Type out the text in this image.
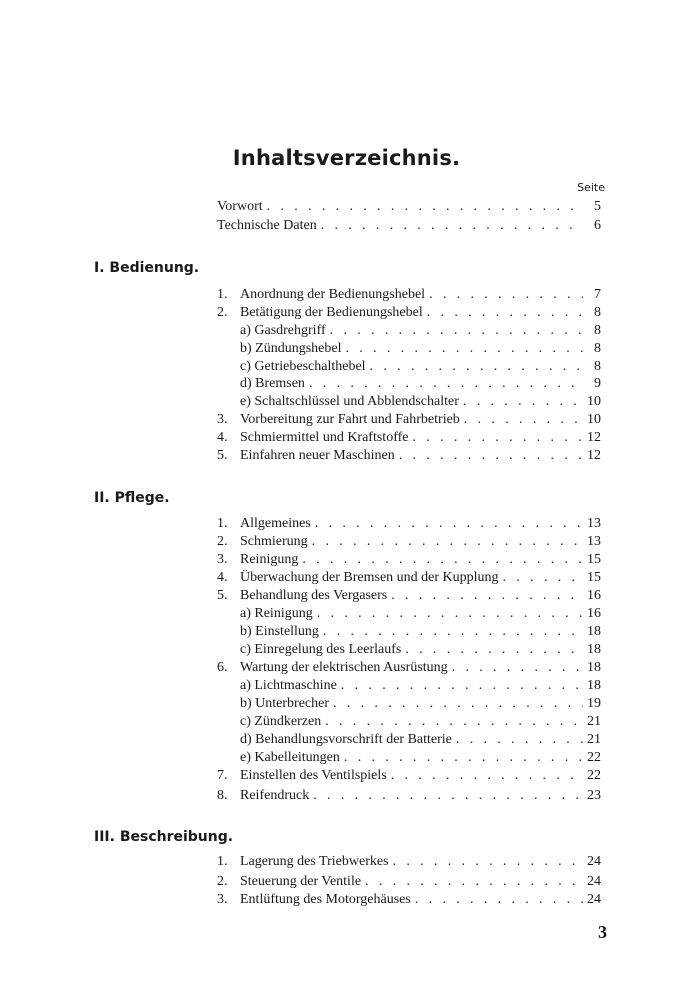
Inhaltsverzeichnis.
Seite
Vorwort . . .	5
Technische Daten . . .	6
I. Bedienung.
1. Anordnung der Bedienungshebel . . .	7
2. Betätigung der Bedienungshebel . . .	8
a) Gasdrehgriff . . .	8
b) Zündungshebel . . .	8
c) Getriebeschalthebel . . .	8
d) Bremsen . . .	9
e) Schaltschlüssel und Abblendschalter . . .	10
3. Vorbereitung zur Fahrt und Fahrbetrieb . . .	10
4. Schmiermittel und Kraftstoffe . . .	12
5. Einfahren neuer Maschinen . . .	12
II. Pflege.
1. Allgemeines . . .	13
2. Schmierung . . .	13
3. Reinigung . . .	15
4. Überwachung der Bremsen und der Kupplung . . .	15
5. Behandlung des Vergasers . . .	16
a) Reinigung . . .	16
b) Einstellung . . .	18
c) Einregelung des Leerlaufs . . .	18
6. Wartung der elektrischen Ausrüstung . . .	18
a) Lichtmaschine . . .	18
b) Unterbrecher . . .	19
c) Zündkerzen . . .	21
d) Behandlungsvorschrift der Batterie . . .	21
e) Kabelleitungen . . .	22
7. Einstellen des Ventilspiels . . .	22
8. Reifendruck . . .	23
III. Beschreibung.
1. Lagerung des Triebwerkes . . .	24
2. Steuerung der Ventile . . .	24
3. Entlüftung des Motorgehäuses . . .	24
3
